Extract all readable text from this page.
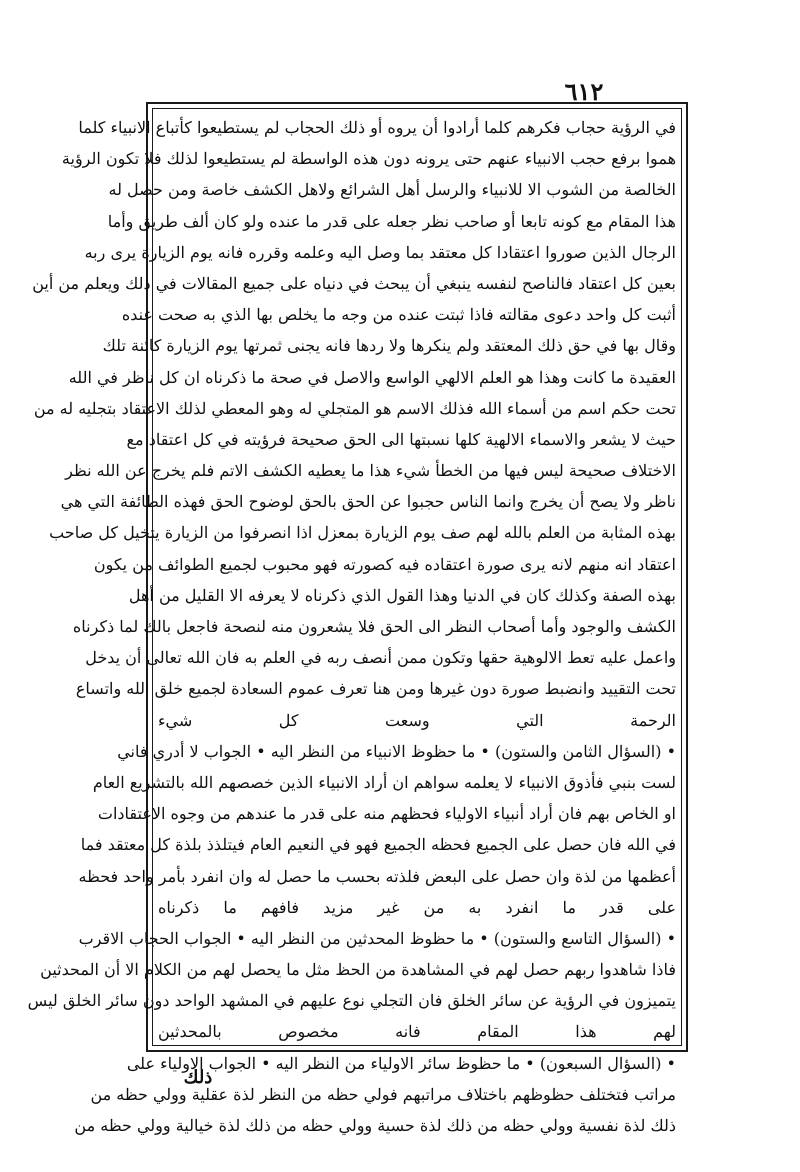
٦١٢
في الرؤية حجاب فكرهم كلما أرادوا أن يروه أو ذلك الحجاب لم يستطيعوا كأتباع الانبياء كلما
هموا برفع حجب الانبياء عنهم حتى يرونه دون هذه الواسطة لم يستطيعوا لذلك فلا تكون الرؤية
الخالصة من الشوب الا للانبياء والرسل أهل الشرائع ولاهل الكشف خاصة ومن حصل له
هذا المقام مع كونه تابعا أو صاحب نظر جعله على قدر ما عنده ولو كان ألف طريق وأما
الرجال الذين صوروا اعتقادا كل معتقد بما وصل اليه وعلمه وقرره فانه يوم الزيارة يرى ربه
بعين كل اعتقاد فالناصح لنفسه ينبغي أن يبحث في دنياه على جميع المقالات في ذلك ويعلم من أين
أثبت كل واحد دعوى مقالته فاذا ثبتت عنده من وجه ما يخلص بها الذي به صحت عنده
وقال بها في حق ذلك المعتقد ولم ينكرها ولا ردها فانه يجنى ثمرتها يوم الزيارة كائنة تلك
العقيدة ما كانت وهذا هو العلم الالهي الواسع والاصل في صحة ما ذكرناه ان كل ناظر في الله
تحت حكم اسم من أسماء الله فذلك الاسم هو المتجلي له وهو المعطي لذلك الاعتقاد بتجليه له من
حيث لا يشعر والاسماء الالهية كلها نسبتها الى الحق صحيحة فرؤيته في كل اعتقاد مع
الاختلاف صحيحة ليس فيها من الخطأ شيء هذا ما يعطيه الكشف الاتم فلم يخرج عن الله نظر
ناظر ولا يصح أن يخرج وانما الناس حجبوا عن الحق بالحق لوضوح الحق فهذه الطائفة التي هي
بهذه المثابة من العلم بالله لهم صف يوم الزيارة بمعزل اذا انصرفوا من الزيارة يتخيل كل صاحب
اعتقاد انه منهم لانه يرى صورة اعتقاده فيه كصورته فهو محبوب لجميع الطوائف من يكون
بهذه الصفة وكذلك كان في الدنيا وهذا القول الذي ذكرناه لا يعرفه الا القليل من أهل
الكشف والوجود وأما أصحاب النظر الى الحق فلا يشعرون منه لنصحة فاجعل بالك لما ذكرناه
واعمل عليه تعط الالوهية حقها وتكون ممن أنصف ربه في العلم به فان الله تعالى أن يدخل
تحت التقييد وانضبط صورة دون غيرها ومن هنا تعرف عموم السعادة لجميع خلق الله واتساع
الرحمة التي وسعت كل شيء
• (السؤال الثامن والستون) • ما حظوظ الانبياء من النظر اليه • الجواب لا أدري فاني
لست بنبي فأذوق الانبياء لا يعلمه سواهم ان أراد الانبياء الذين خصصهم الله بالتشريع العام
او الخاص بهم فان أراد أنبياء الاولياء فحظهم منه على قدر ما عندهم من وجوه الاعتقادات
في الله فان حصل على الجميع فحظه الجميع فهو في النعيم العام فيتلذذ بلذة كل معتقد فما
أعظمها من لذة وان حصل على البعض فلذته بحسب ما حصل له وان انفرد بأمر واحد فحظه
على قدر ما انفرد به من غير مزيد فافهم ما ذكرناه
• (السؤال التاسع والستون) • ما حظوظ المحدثين من النظر اليه • الجواب الحجاب الاقرب
فاذا شاهدوا ربهم حصل لهم في المشاهدة من الحظ مثل ما يحصل لهم من الكلام الا أن المحدثين
يتميزون في الرؤية عن سائر الخلق فان التجلي نوع عليهم في المشهد الواحد دون سائر الخلق ليس
لهم هذا المقام فانه مخصوص بالمحدثين
• (السؤال السبعون) • ما حظوظ سائر الاولياء من النظر اليه • الجواب الاولياء على
مراتب فتختلف حظوظهم باختلاف مراتبهم فولي حظه من النظر لذة عقلية وولي حظه من
ذلك لذة نفسية وولي حظه من ذلك لذة حسية وولي حظه من ذلك لذة خيالية وولي حظه من
ذلك
